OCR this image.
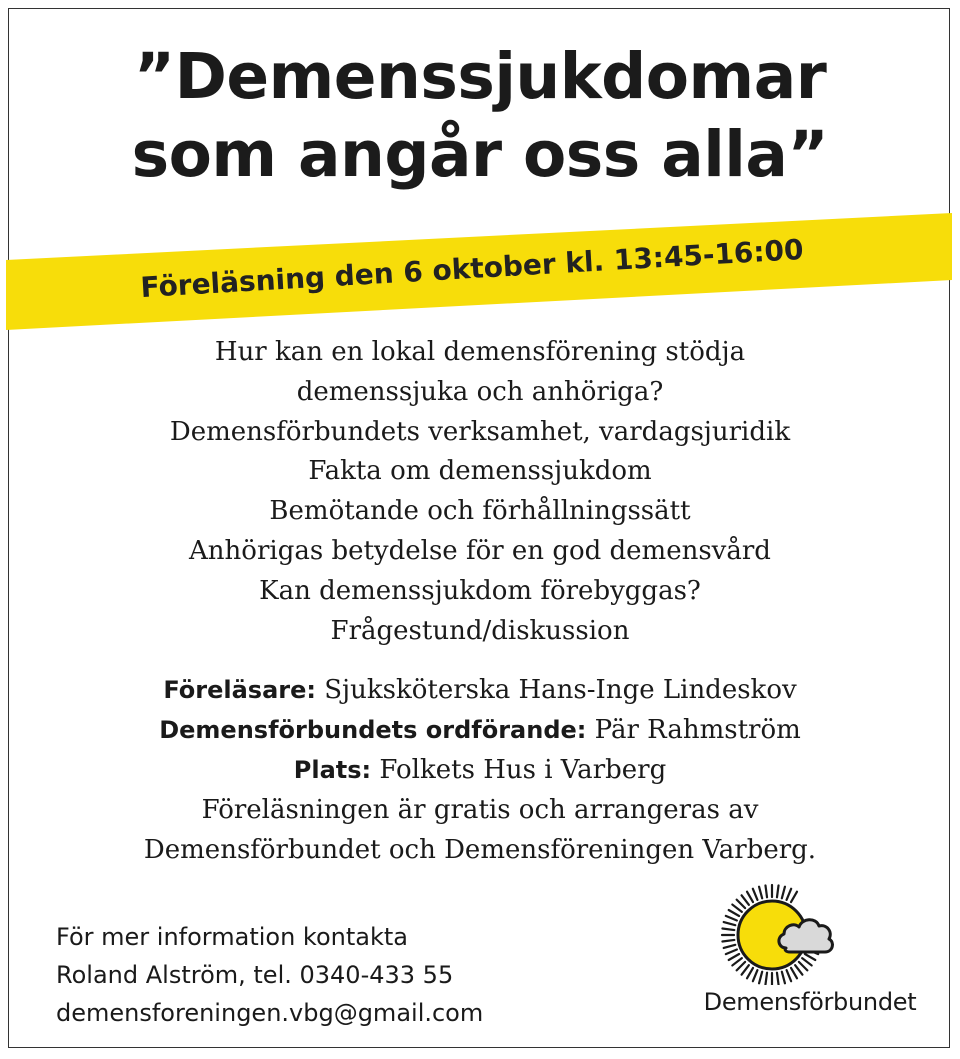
”Demenssjukdomar
som angår oss alla”
Föreläsning den 6 oktober kl. 13:45-16:00
Hur kan en lokal demensförening stödja
demenssjuka och anhöriga?
Demensförbundets verksamhet, vardagsjuridik
Fakta om demenssjukdom
Bemötande och förhållningssätt
Anhörigas betydelse för en god demensvård
Kan demenssjukdom förebyggas?
Frågestund/diskussion
Föreläsare: Sjuksköterska Hans-Inge Lindeskov
Demensförbundets ordförande: Pär Rahmström
Plats: Folkets Hus i Varberg
Föreläsningen är gratis och arrangeras av
Demensförbundet och Demensföreningen Varberg.
För mer information kontakta
Roland Alström, tel. 0340-433 55
demensforeningen.vbg@gmail.com	Demensförbundet
